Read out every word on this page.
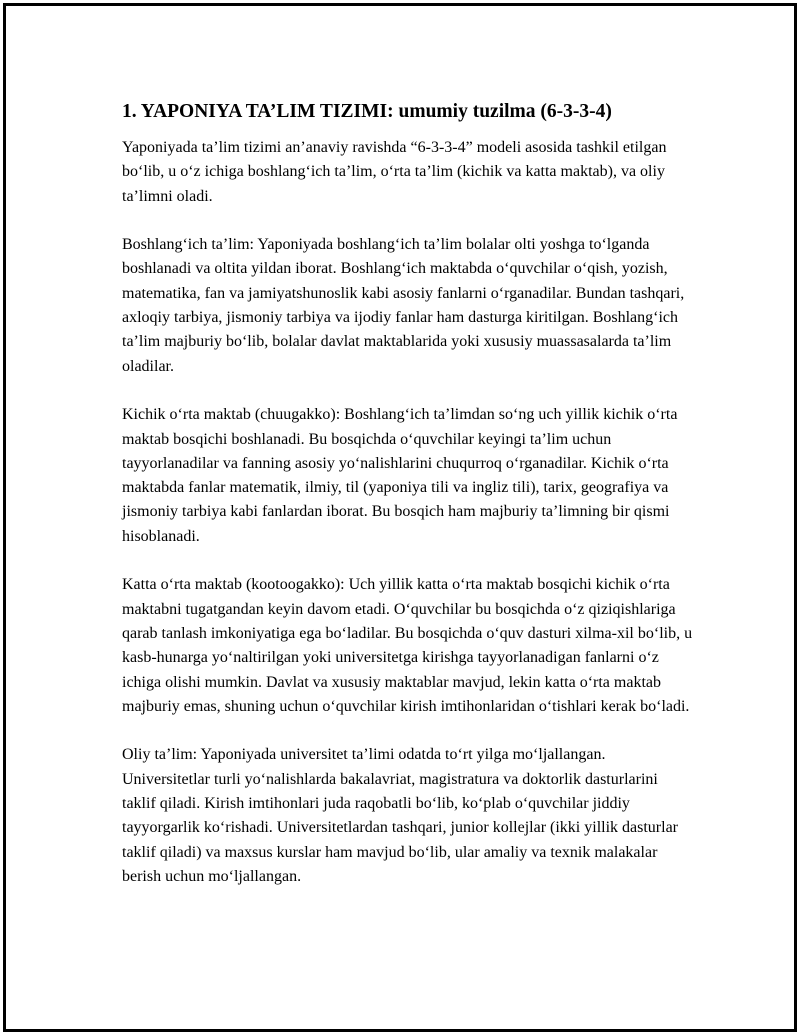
1. YAPONIYA TA’LIM TIZIMI: umumiy tuzilma (6-3-3-4)

Yaponiyada ta’lim tizimi an’anaviy ravishda “6-3-3-4” modeli asosida tashkil etilgan bo‘lib, u o‘z ichiga boshlang‘ich ta’lim, o‘rta ta’lim (kichik va katta maktab), va oliy ta’limni oladi.

Boshlang‘ich ta’lim: Yaponiyada boshlang‘ich ta’lim bolalar olti yoshga to‘lganda boshlanadi va oltita yildan iborat. Boshlang‘ich maktabda o‘quvchilar o‘qish, yozish, matematika, fan va jamiyatshunoslik kabi asosiy fanlarni o‘rganadilar. Bundan tashqari, axloqiy tarbiya, jismoniy tarbiya va ijodiy fanlar ham dasturga kiritilgan. Boshlang‘ich ta’lim majburiy bo‘lib, bolalar davlat maktablarida yoki xususiy muassasalarda ta’lim oladilar.

Kichik o‘rta maktab (chuugakko): Boshlang‘ich ta’limdan so‘ng uch yillik kichik o‘rta maktab bosqichi boshlanadi. Bu bosqichda o‘quvchilar keyingi ta’lim uchun tayyorlanadilar va fanning asosiy yo‘nalishlarini chuqurroq o‘rganadilar. Kichik o‘rta maktabda fanlar matematik, ilmiy, til (yaponiya tili va ingliz tili), tarix, geografiya va jismoniy tarbiya kabi fanlardan iborat. Bu bosqich ham majburiy ta’limning bir qismi hisoblanadi.

Katta o‘rta maktab (kootoogakko): Uch yillik katta o‘rta maktab bosqichi kichik o‘rta maktabni tugatgandan keyin davom etadi. O‘quvchilar bu bosqichda o‘z qiziqishlariga qarab tanlash imkoniyatiga ega bo‘ladilar. Bu bosqichda o‘quv dasturi xilma-xil bo‘lib, u kasb-hunarga yo‘naltirilgan yoki universitetga kirishga tayyorlanadigan fanlarni o‘z ichiga olishi mumkin. Davlat va xususiy maktablar mavjud, lekin katta o‘rta maktab majburiy emas, shuning uchun o‘quvchilar kirish imtihonlaridan o‘tishlari kerak bo‘ladi.

Oliy ta’lim: Yaponiyada universitet ta’limi odatda to‘rt yilga mo‘ljallangan. Universitetlar turli yo‘nalishlarda bakalavriat, magistratura va doktorlik dasturlarini taklif qiladi. Kirish imtihonlari juda raqobatli bo‘lib, ko‘plab o‘quvchilar jiddiy tayyorgarlik ko‘rishadi. Universitetlardan tashqari, junior kollejlar (ikki yillik dasturlar taklif qiladi) va maxsus kurslar ham mavjud bo‘lib, ular amaliy va texnik malakalar berish uchun mo‘ljallangan.
